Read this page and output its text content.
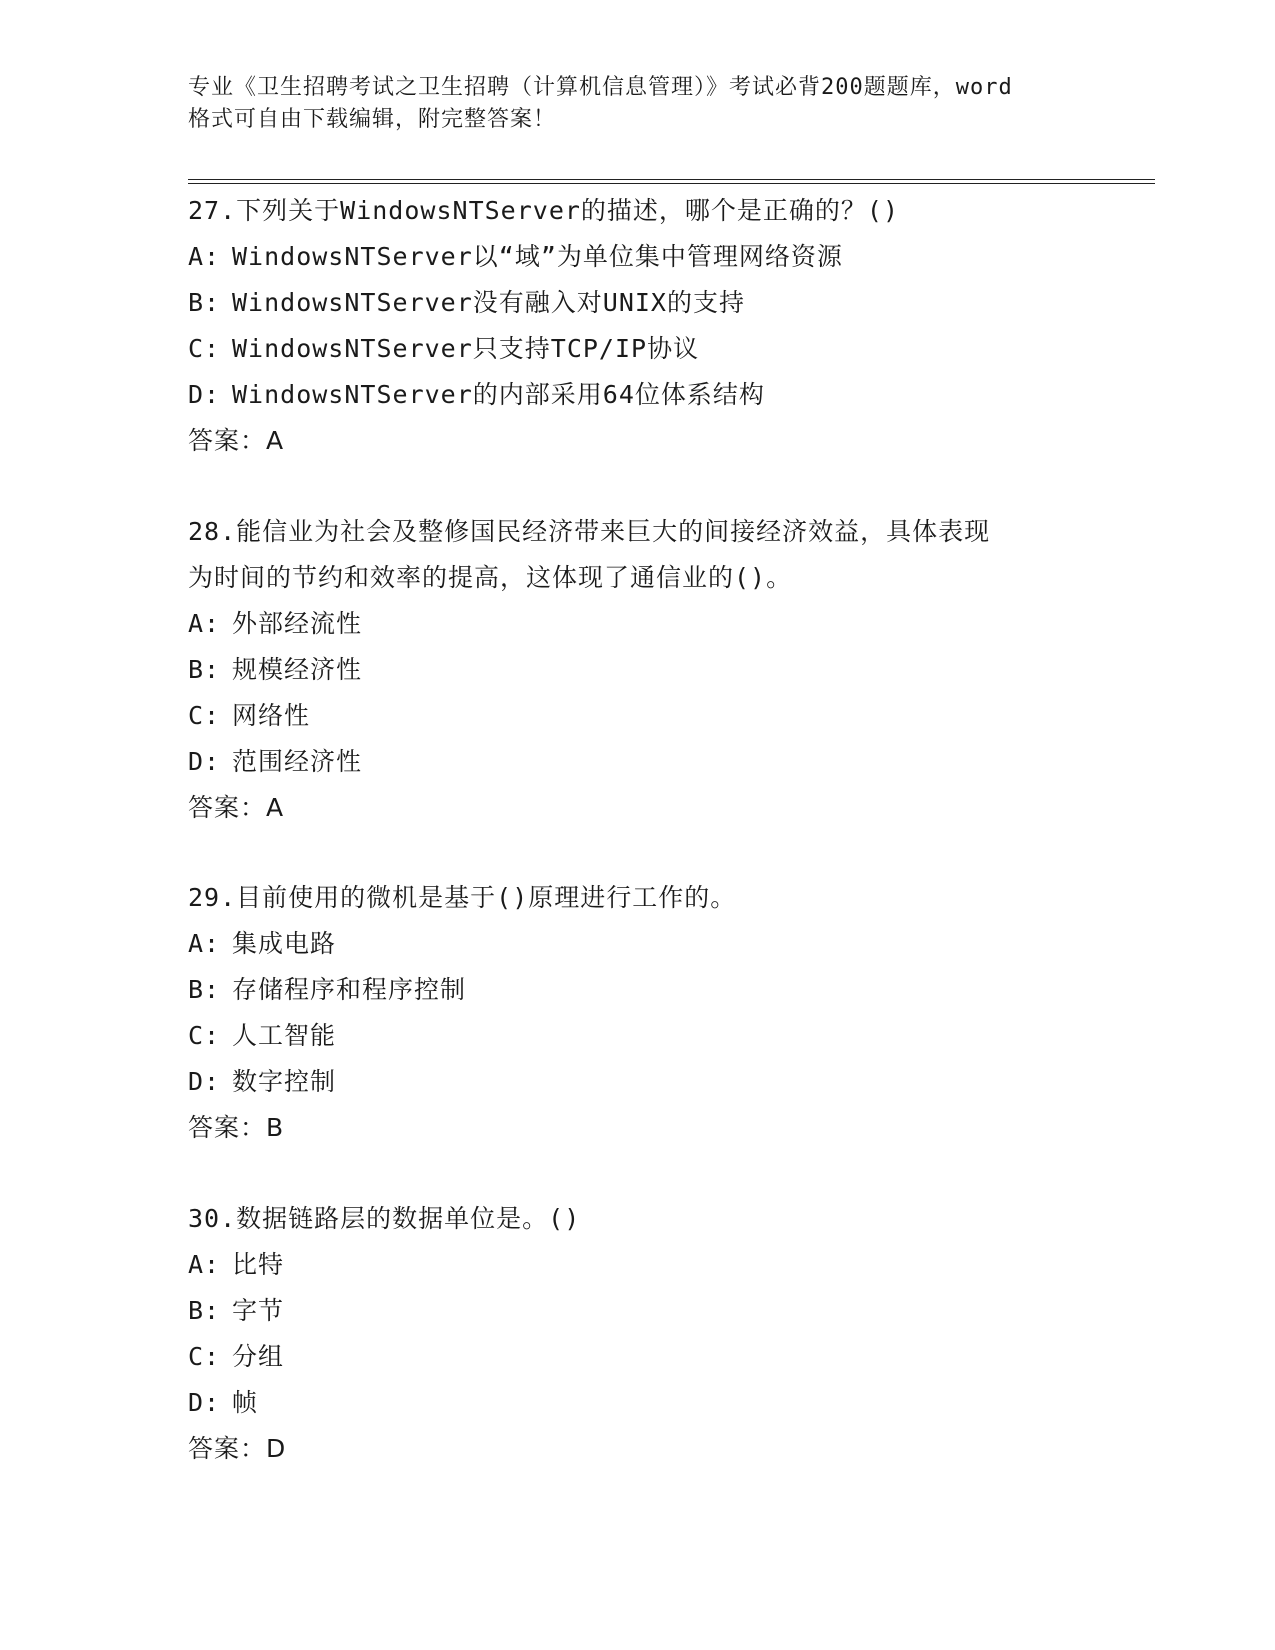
专业《卫生招聘考试之卫生招聘（计算机信息管理）》考试必背200题题库，word
格式可自由下载编辑，附完整答案！
27.下列关于WindowsNTServer的描述，哪个是正确的？()
A: WindowsNTServer以“域”为单位集中管理网络资源
B: WindowsNTServer没有融入对UNIX的支持
C: WindowsNTServer只支持TCP/IP协议
D: WindowsNTServer的内部采用64位体系结构
答案：A
28.能信业为社会及整修国民经济带来巨大的间接经济效益，具体表现
为时间的节约和效率的提高，这体现了通信业的()。
A: 外部经流性
B: 规模经济性
C: 网络性
D: 范围经济性
答案：A
29.目前使用的微机是基于()原理进行工作的。
A: 集成电路
B: 存储程序和程序控制
C: 人工智能
D: 数字控制
答案：B
30.数据链路层的数据单位是。()
A: 比特
B: 字节
C: 分组
D: 帧
答案：D
